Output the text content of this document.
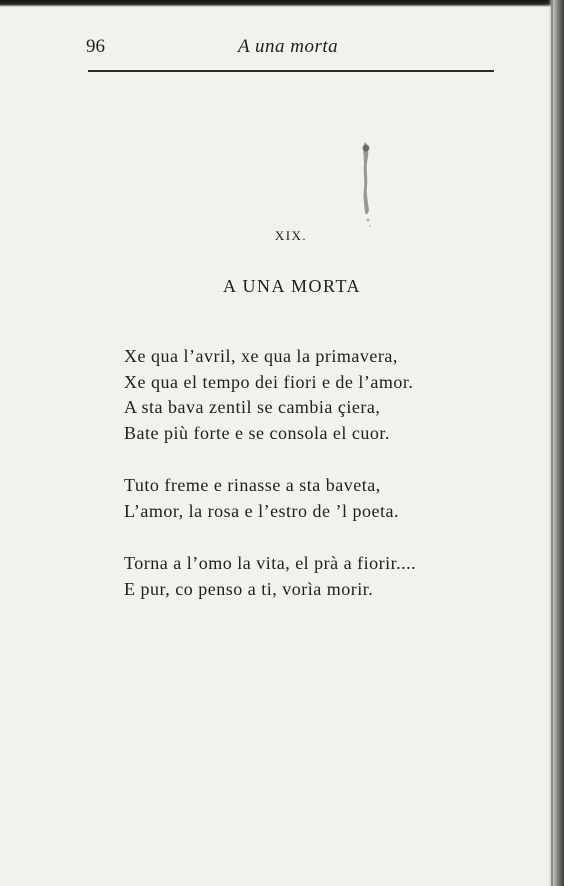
96	A una morta
XIX.
A UNA MORTA

Xe qua l’avril, xe qua la primavera,
Xe qua el tempo dei fiori e de l’amor.
A sta bava zentil se cambia çiera,
Bate più forte e se consola el cuor.

Tuto freme e rinasse a sta baveta,
L’amor, la rosa e l’estro de ’l poeta.

Torna a l’omo la vita, el prà a fiorir....
E pur, co penso a ti, vorìa morir.
